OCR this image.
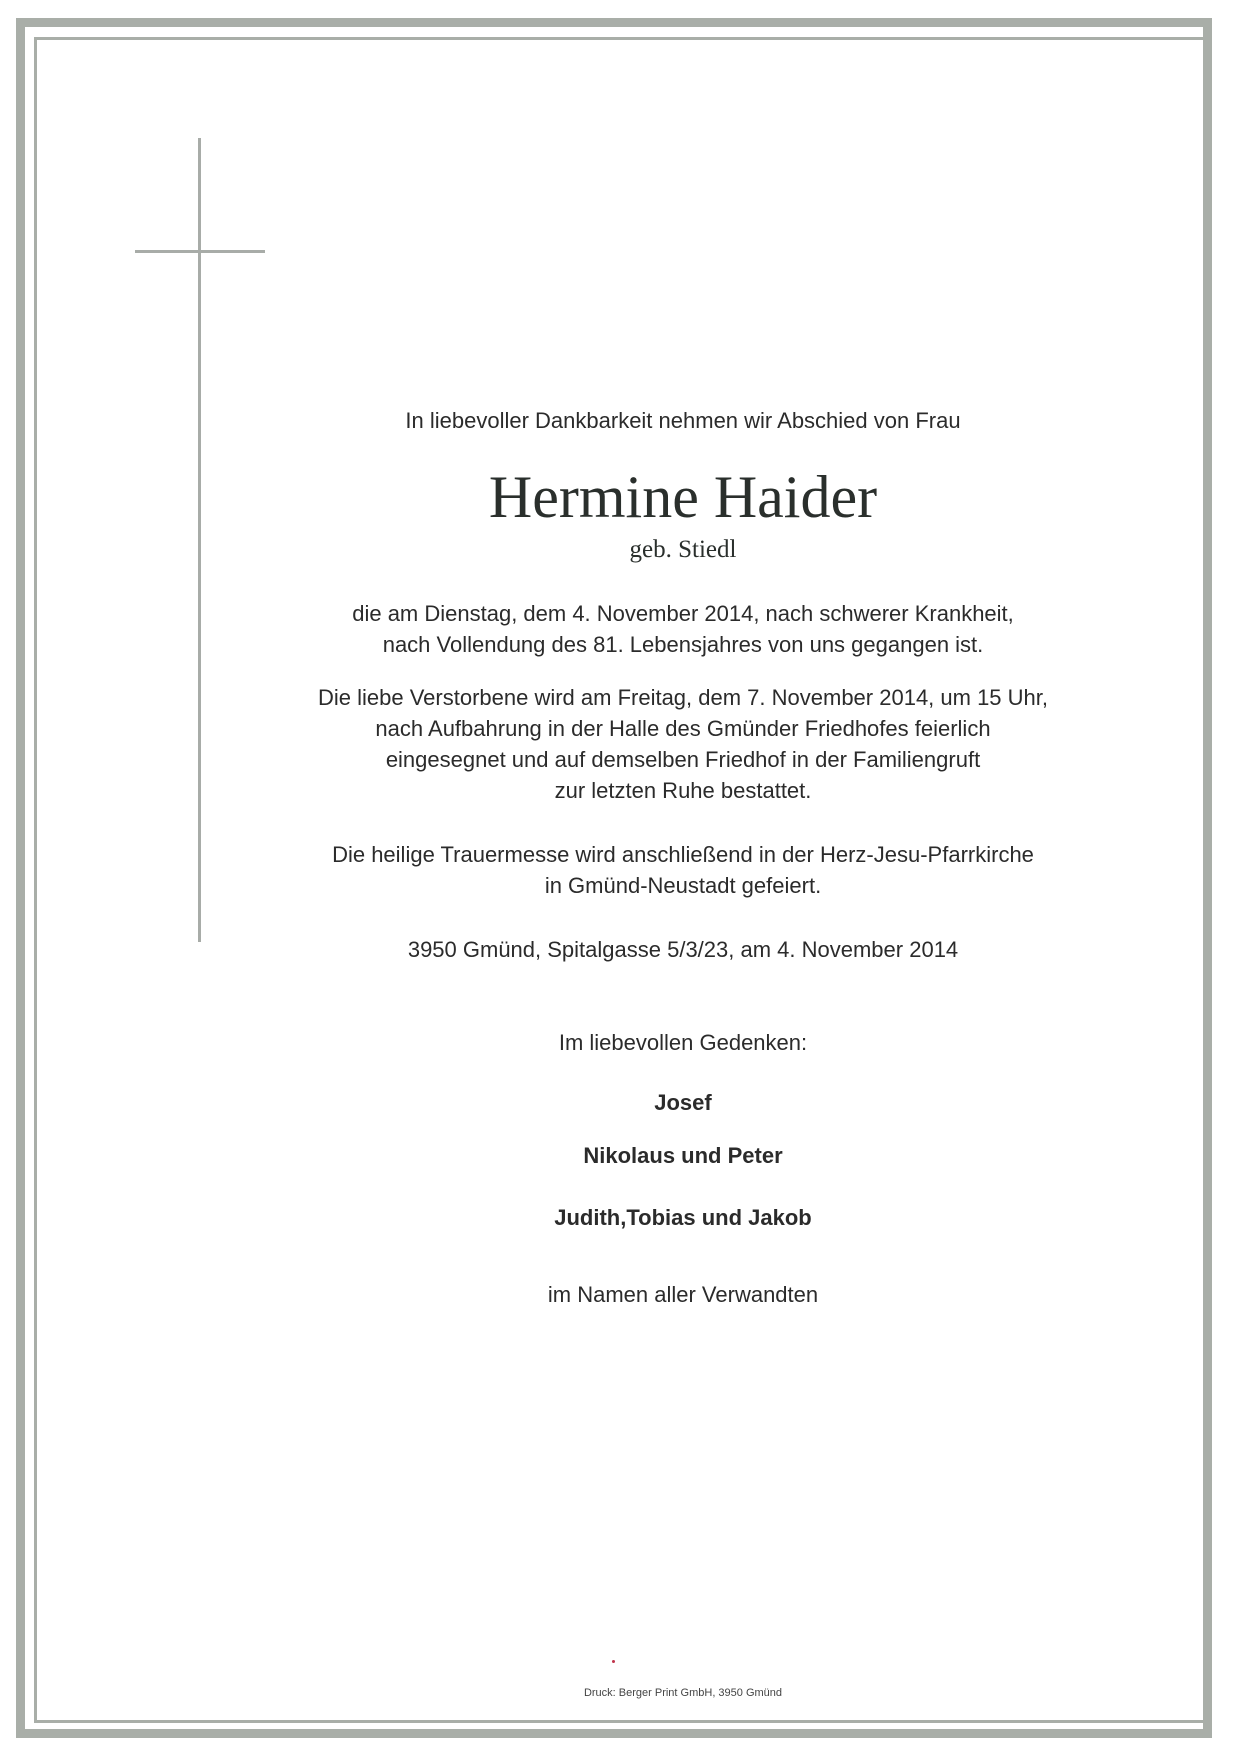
In liebevoller Dankbarkeit nehmen wir Abschied von Frau
Hermine Haider
geb. Stiedl
die am Dienstag, dem 4. November 2014, nach schwerer Krankheit,
nach Vollendung des 81. Lebensjahres von uns gegangen ist.
Die liebe Verstorbene wird am Freitag, dem 7. November 2014, um 15 Uhr,
nach Aufbahrung in der Halle des Gmünder Friedhofes feierlich
eingesegnet und auf demselben Friedhof in der Familiengruft
zur letzten Ruhe bestattet.
Die heilige Trauermesse wird anschließend in der Herz-Jesu-Pfarrkirche
in Gmünd-Neustadt gefeiert.
3950 Gmünd, Spitalgasse 5/3/23, am 4. November 2014
Im liebevollen Gedenken:
Josef
Nikolaus und Peter
Judith,Tobias und Jakob
im Namen aller Verwandten
Druck: Berger Print GmbH, 3950 Gmünd
